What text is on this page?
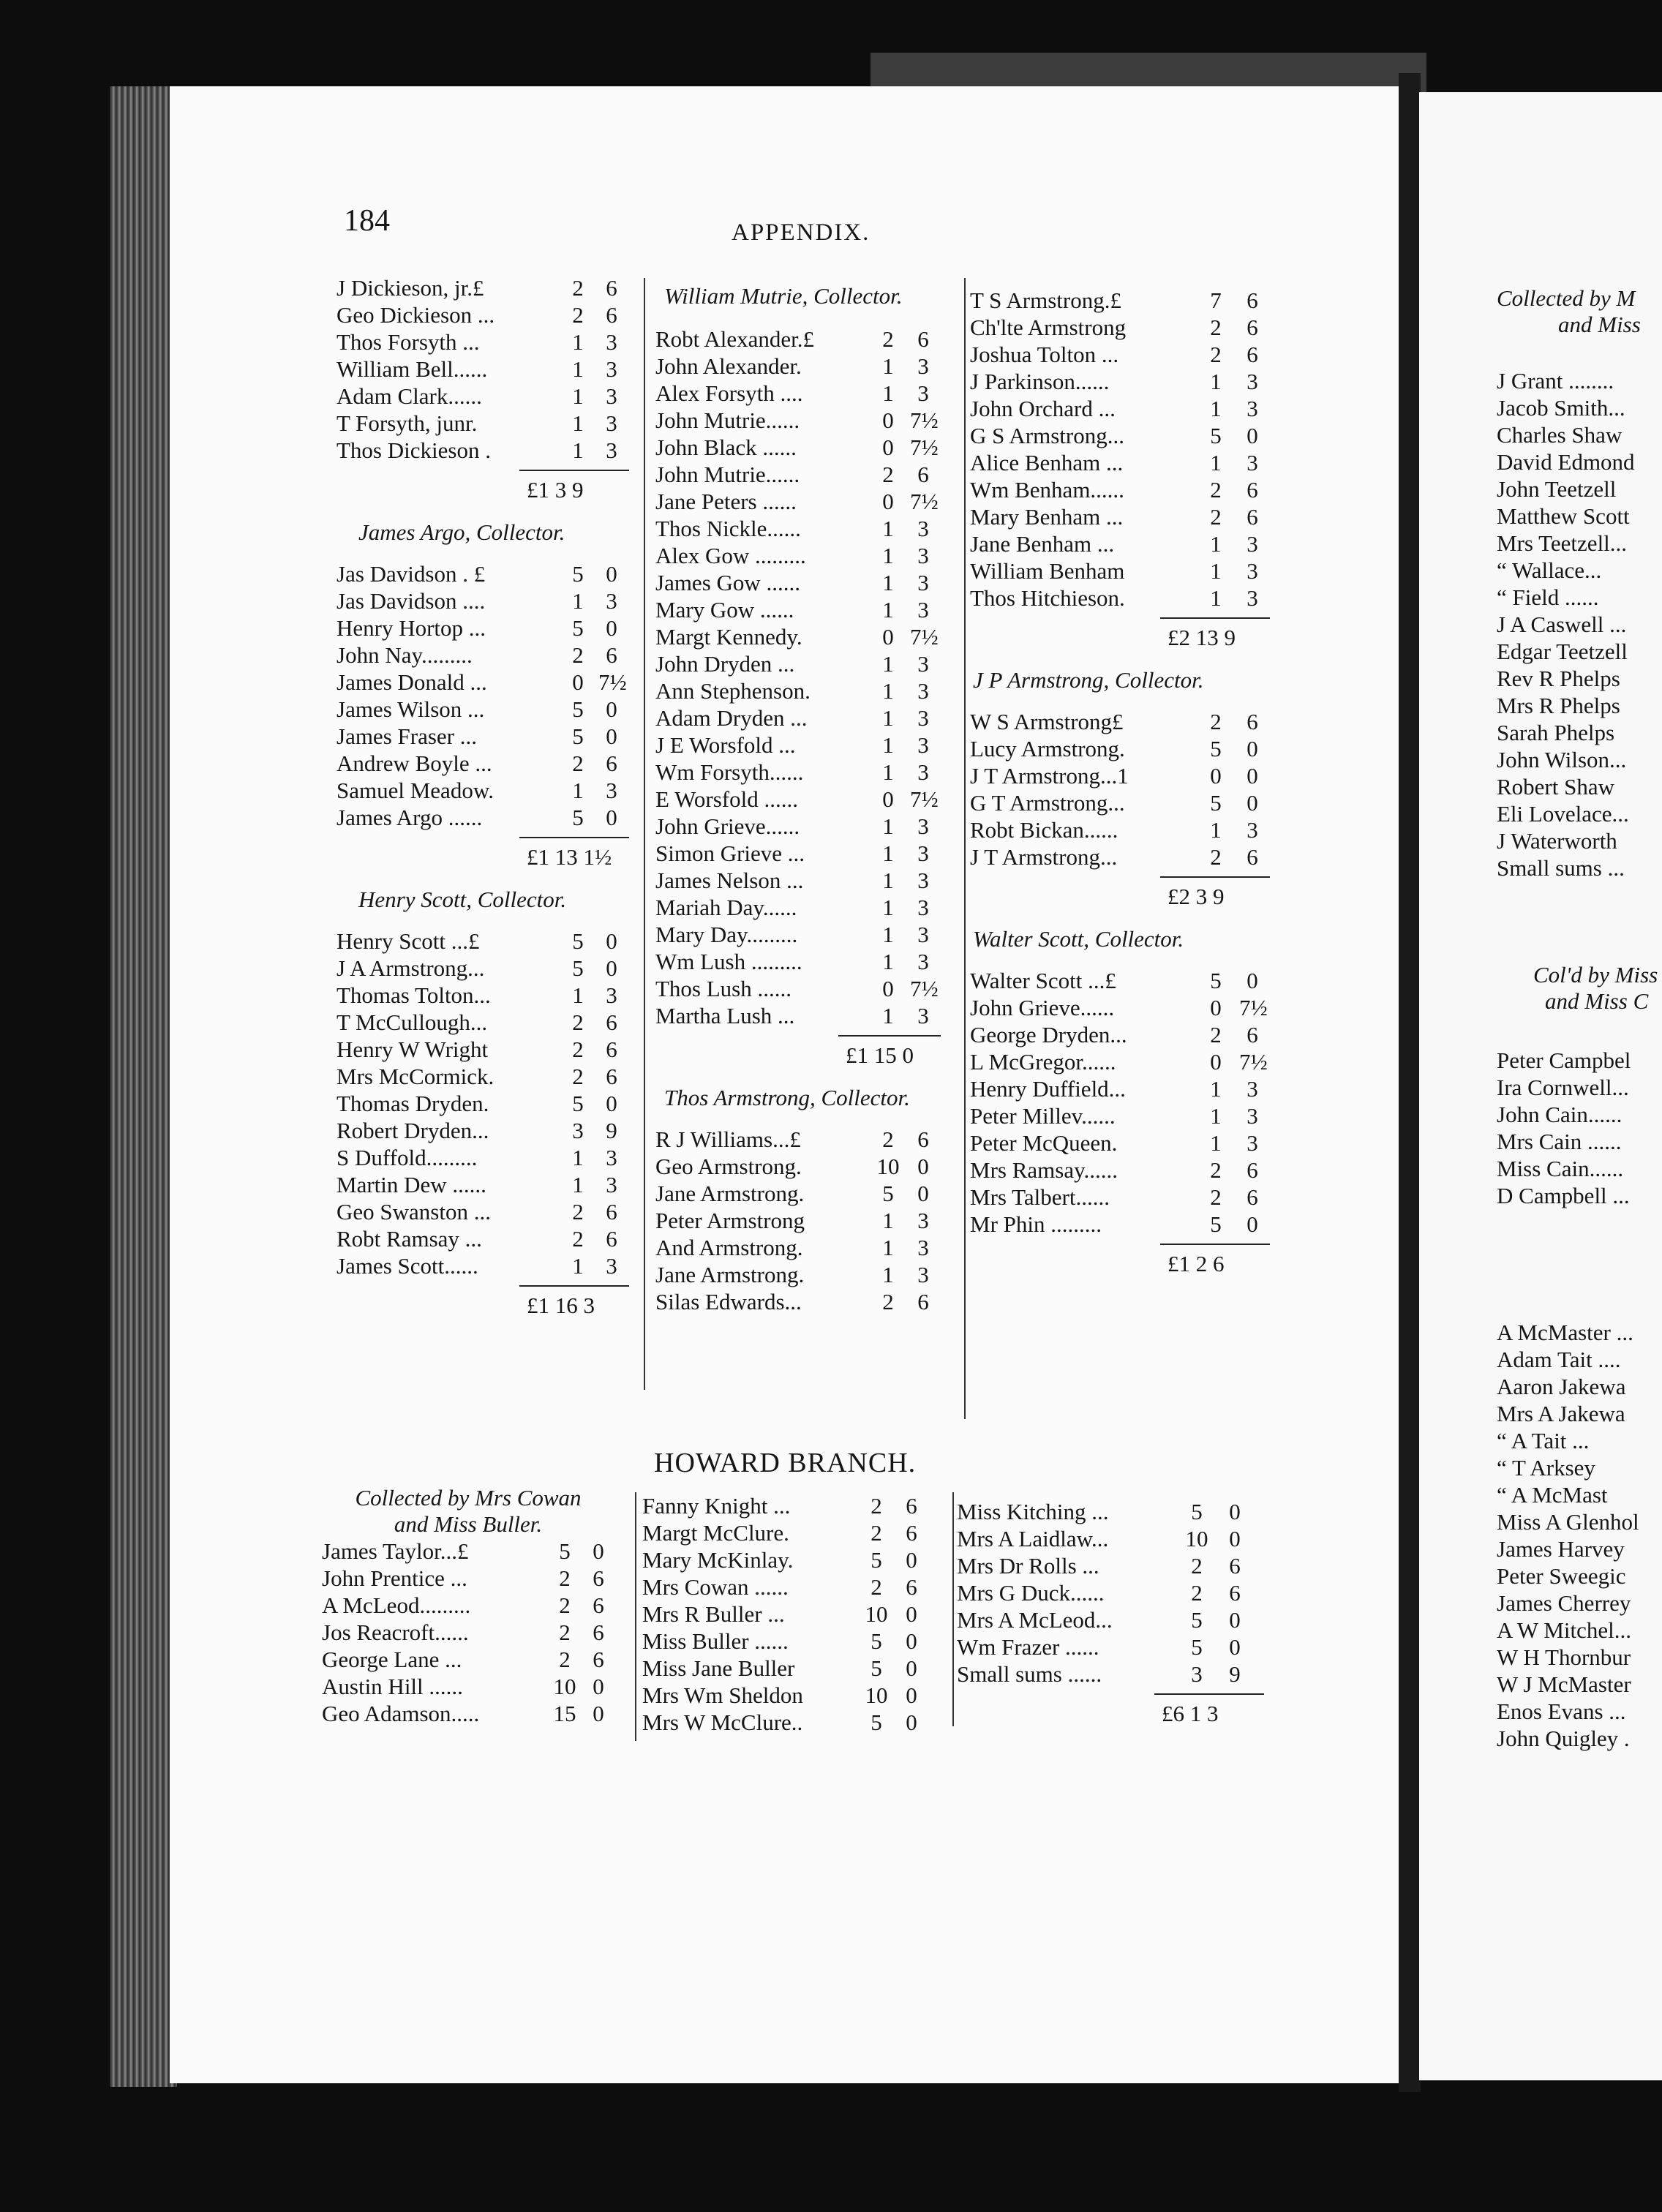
184	APPENDIX.
HOWARD BRANCH.
J Dickieson, jr.£	2 6
Geo Dickieson ...	2 6
Thos Forsyth ...	1 3
William Bell......	1 3
Adam Clark......	1 3
T Forsyth, junr.	1 3
Thos Dickieson .	1 3
£1 3 9
James Argo, Collector.
Jas Davidson . £	5 0
Jas Davidson ....	1 3
Henry Hortop ...	5 0
John Nay.........	2 6
James Donald ...	0 7½
James Wilson ...	5 0
James Fraser ...	5 0
Andrew Boyle ...	2 6
Samuel Meadow.	1 3
James Argo ......	5 0
£1 13 1½
Henry Scott, Collector.
Henry Scott ...£	5 0
J A Armstrong...	5 0
Thomas Tolton...	1 3
T McCullough...	2 6
Henry W Wright	2 6
Mrs McCormick.	2 6
Thomas Dryden.	5 0
Robert Dryden...	3 9
S Duffold.........	1 3
Martin Dew ......	1 3
Geo Swanston ...	2 6
Robt Ramsay ...	2 6
James Scott......	1 3
£1 16 3
William Mutrie, Collector.
Robt Alexander.£	2	6
John Alexander.	1	3
Alex Forsyth ....	1	3
John Mutrie......	0 7½
John Black ......	0 7½
John Mutrie......	2	6
Jane Peters ......	0 7½
Thos Nickle......	1	3
Alex Gow .........	1	3
James Gow ......	1	3
Mary Gow ......	1	3
Margt Kennedy.	0 7½
John Dryden ...	1	3
Ann Stephenson.	1	3
Adam Dryden ...	1	3
J E Worsfold ...	1	3
Wm Forsyth......	1	3
E Worsfold ......	0 7½
John Grieve......	1	3
Simon Grieve ...	1	3
James Nelson ...	1	3
Mariah Day......	1	3
Mary Day.........	1	3
Wm Lush .........	1	3
Thos Lush ......	0 7½
Martha Lush ...	1	3
£1 15 0
Thos Armstrong, Collector.
R J Williams...£	2	6
Geo Armstrong.	10 0
Jane Armstrong.	5	0
Peter Armstrong	1	3
And Armstrong.	1	3
Jane Armstrong.	1	3
Silas Edwards...	2	6
T S Armstrong.£	7	6
Ch'lte Armstrong	2	6
Joshua Tolton ...	2	6
J Parkinson......	1	3
John Orchard ...	1	3
G S Armstrong...	5	0
Alice Benham ...	1	3
Wm Benham......	2	6
Mary Benham ...	2	6
Jane Benham ...	1	3
William Benham	1	3
Thos Hitchieson.	1	3
£2 13 9
J P Armstrong, Collector.
W S Armstrong£	2	6
Lucy Armstrong.	5	0
J T Armstrong...1	0	0
G T Armstrong...	5	0
Robt Bickan......	1	3
J T Armstrong...	2	6
£2 3 9
Walter Scott, Collector.
Walter Scott ...£	5	0
John Grieve......	0 7½
George Dryden...	2	6
L McGregor......	0 7½
Henry Duffield...	1	3
Peter Millev......	1	3
Peter McQueen.	1	3
Mrs Ramsay......	2	6
Mrs Talbert......	2	6
Mr Phin .........	5	0
£1 2 6
Collected by Mrs Cowan
and Miss Buller.
James Taylor...£	5 0
John Prentice ...	2 6
A McLeod.........	2 6
Jos Reacroft......	2 6
George Lane ...	2 6
Austin Hill ......	10 0
Geo Adamson.....	15 0
Fanny Knight ...	2	6
Margt McClure.	2	6
Mary McKinlay.	5	0
Mrs Cowan ......	2	6
Mrs R Buller ...	10 0
Miss Buller ......	5	0
Miss Jane Buller	5	0
Mrs Wm Sheldon	10 0
Mrs W McClure..	5	0
Miss Kitching ...	5	0
Mrs A Laidlaw...	10 0
Mrs Dr Rolls ...	2	6
Mrs G Duck......	2	6
Mrs A McLeod...	5	0
Wm Frazer ......	5	0
Small sums ......	3	9
£6 1 3
Collected by M
and Miss
J Grant ........
Jacob Smith...
Charles Shaw
David Edmond
John Teetzell
Matthew Scott
Mrs Teetzell...
“ Wallace...
“ Field ......
J A Caswell ...
Edgar Teetzell
Rev R Phelps
Mrs R Phelps
Sarah Phelps
John Wilson...
Robert Shaw
Eli Lovelace...
J Waterworth
Small sums ...
Col'd by Miss
and Miss C
Peter Campbel
Ira Cornwell...
John Cain......
Mrs Cain ......
Miss Cain......
D Campbell ...
A McMaster ...
Adam Tait ....
Aaron Jakewa
Mrs A Jakewa
“ A Tait ...
“ T Arksey
“ A McMast
Miss A Glenhol
James Harvey
Peter Sweegic
James Cherrey
A W Mitchel...
W H Thornbur
W J McMaster
Enos Evans ...
John Quigley .
